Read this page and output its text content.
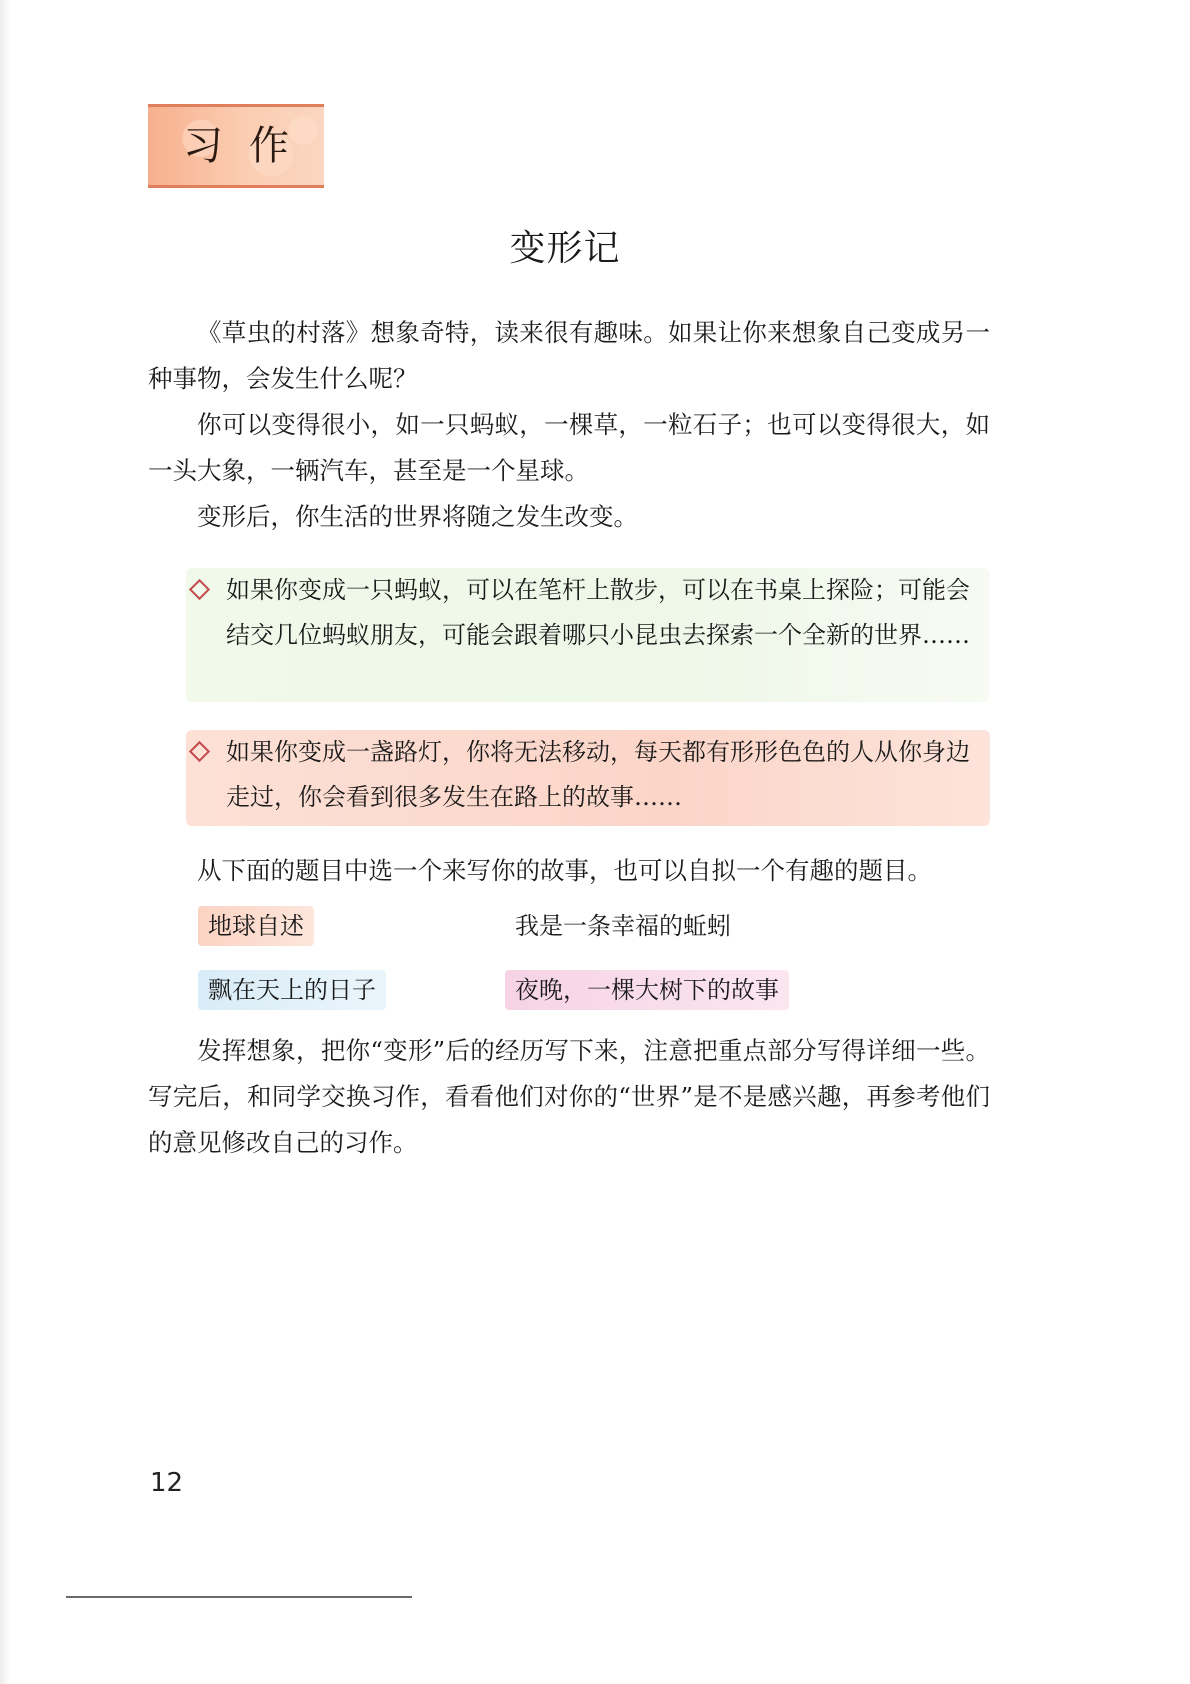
习作
变形记

《草虫的村落》想象奇特，读来很有趣味。如果让你来想象自己变成另一种事物，会发生什么呢？

你可以变得很小，如一只蚂蚁，一棵草，一粒石子；也可以变得很大，如一头大象，一辆汽车，甚至是一个星球。

变形后，你生活的世界将随之发生改变。

如果你变成一只蚂蚁，可以在笔杆上散步，可以在书桌上探险；可能会结交几位蚂蚁朋友，可能会跟着哪只小昆虫去探索一个全新的世界……
如果你变成一盏路灯，你将无法移动，每天都有形形色色的人从你身边走过，你会看到很多发生在路上的故事……

从下面的题目中选一个来写你的故事，也可以自拟一个有趣的题目。

地球自述	我是一条幸福的蚯蚓
飘在天上的日子	夜晚，一棵大树下的故事

发挥想象，把你“变形”后的经历写下来，注意把重点部分写得详细一些。写完后，和同学交换习作，看看他们对你的“世界”是不是感兴趣，再参考他们的意见修改自己的习作。

12
